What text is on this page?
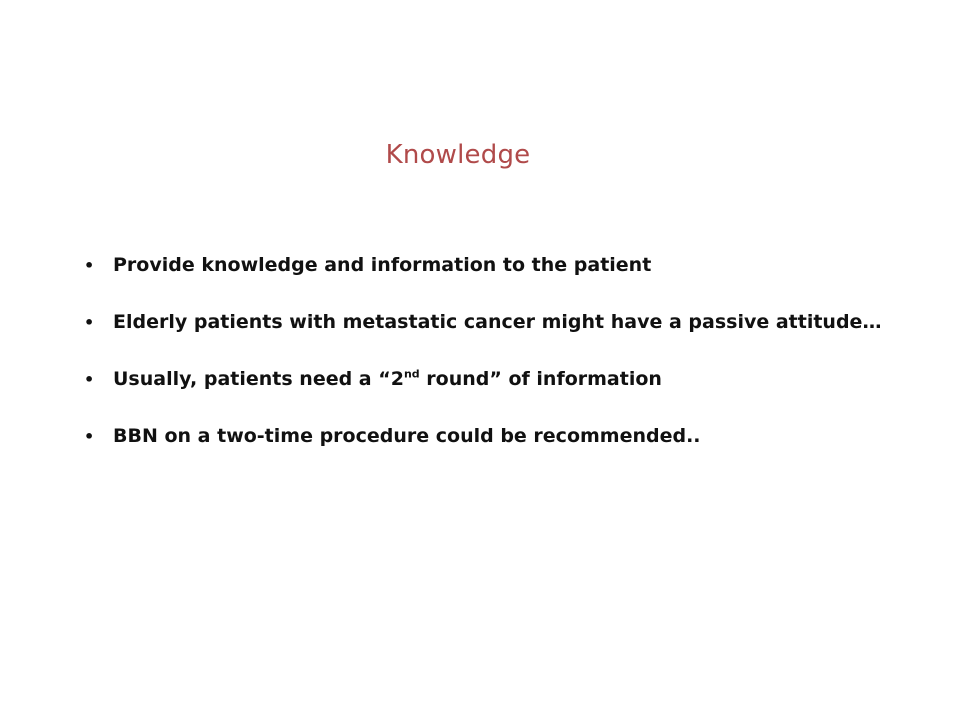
Knowledge
• Provide knowledge and information to the patient
• Elderly patients with metastatic cancer might have a passive attitude…
• Usually, patients need a “2nd round” of information
• BBN on a two-time procedure could be recommended..
